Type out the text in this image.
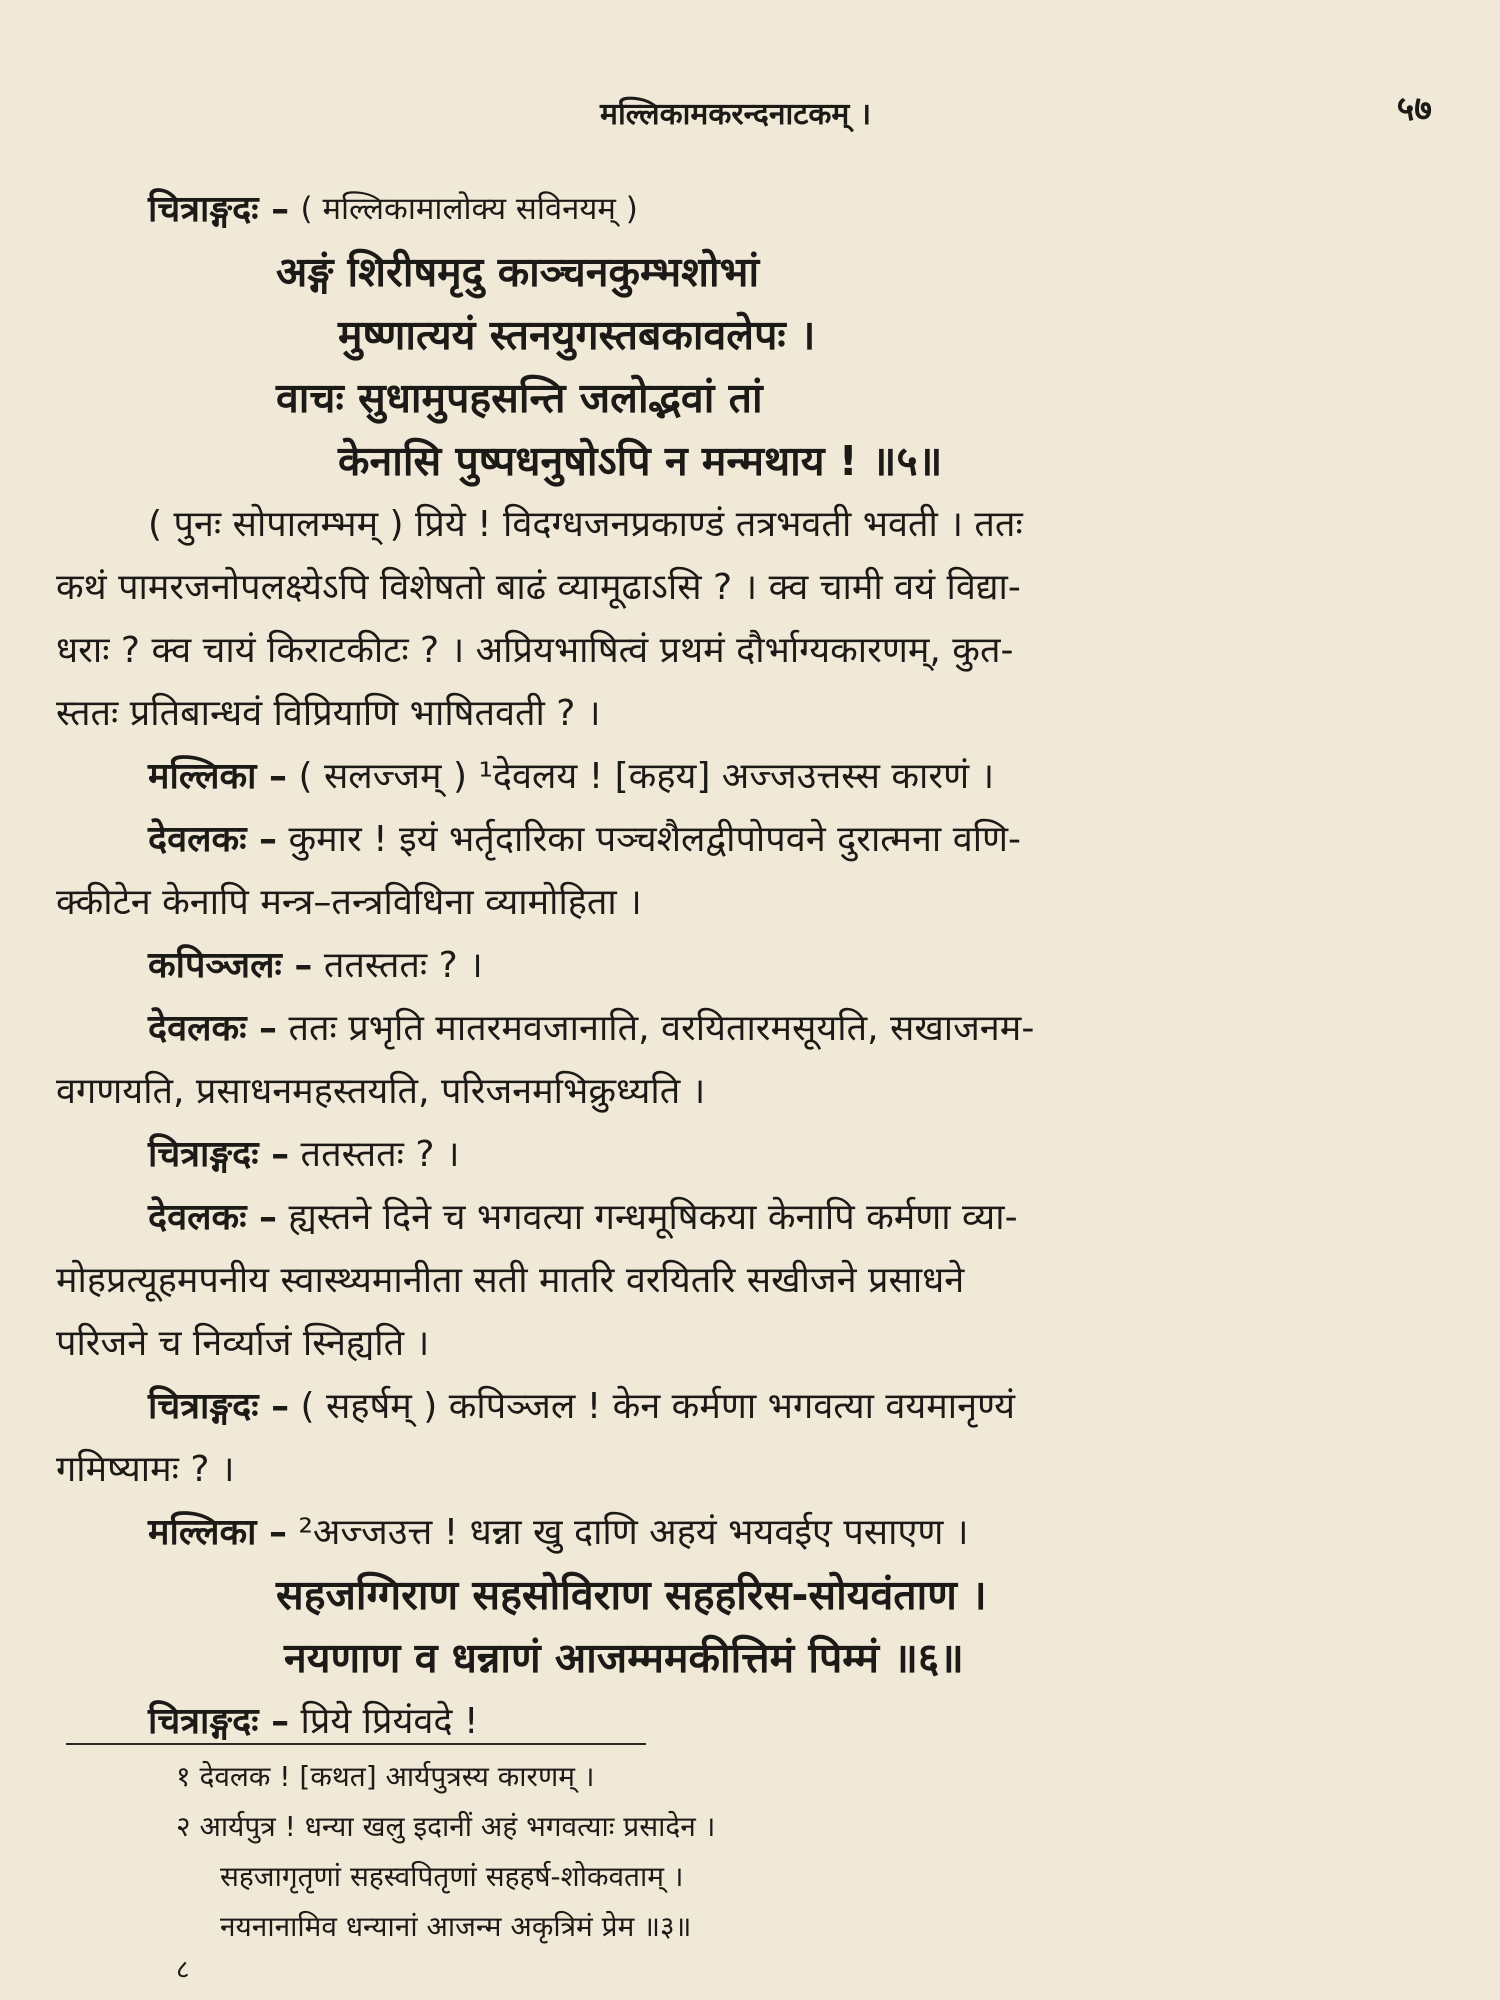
मल्लिकामकरन्दनाटकम् ।	५७
चित्राङ्गदः –
( मल्लिकामालोक्य सविनयम् )
अङ्गं शिरीषमृदु काञ्चनकुम्भशोभां
मुष्णात्ययं स्तनयुगस्तबकावलेपः ।
वाचः सुधामुपहसन्ति जलोद्भवां तां
केनासि पुष्पधनुषोऽपि न मन्मथाय ! ॥५॥
( पुनः सोपालम्भम् ) प्रिये ! विदग्धजनप्रकाण्डं तत्रभवती भवती । ततः
कथं पामरजनोपलक्ष्येऽपि विशेषतो बाढं व्यामूढाऽसि ? । क्व चामी वयं विद्या-
धराः ? क्व चायं किराटकीटः ? । अप्रियभाषित्वं प्रथमं दौर्भाग्यकारणम्, कुत-
स्ततः प्रतिबान्धवं विप्रियाणि भाषितवती ? ।
मल्लिका –
( सलज्जम् ) ¹देवलय ! [कहय] अज्जउत्तस्स कारणं ।
देवलकः –
कुमार ! इयं भर्तृदारिका पञ्चशैलद्वीपोपवने दुरात्मना वणि-
क्कीटेन केनापि मन्त्र–तन्त्रविधिना व्यामोहिता ।
कपिञ्जलः –
ततस्ततः ? ।
देवलकः –
ततः प्रभृति मातरमवजानाति, वरयितारमसूयति, सखाजनम-
वगणयति, प्रसाधनमहस्तयति, परिजनमभिक्रुध्यति ।
चित्राङ्गदः –
ततस्ततः ? ।
देवलकः –
ह्यस्तने दिने च भगवत्या गन्धमूषिकया केनापि कर्मणा व्या-
मोहप्रत्यूहमपनीय स्वास्थ्यमानीता सती मातरि वरयितरि सखीजने प्रसाधने
परिजने च निर्व्याजं स्निह्यति ।
चित्राङ्गदः –
( सहर्षम् ) कपिञ्जल ! केन कर्मणा भगवत्या वयमानृण्यं
गमिष्यामः ? ।
मल्लिका –
²अज्जउत्त ! धन्ना खु दाणि अहयं भयवईए पसाएण ।
सहजग्गिराण सहसोविराण सहहरिस-सोयवंताण ।
नयणाण व धन्नाणं आजम्ममकीत्तिमं पिम्मं ॥६॥
चित्राङ्गदः –
प्रिये प्रियंवदे !
१ देवलक ! [कथत] आर्यपुत्रस्य कारणम् ।
२ आर्यपुत्र ! धन्या खलु इदानीं अहं भगवत्याः प्रसादेन ।
सहजागृतृणां सहस्वपितृणां सहहर्ष-शोकवताम् ।
नयनानामिव धन्यानां आजन्म अकृत्रिमं प्रेम ॥३॥
८
